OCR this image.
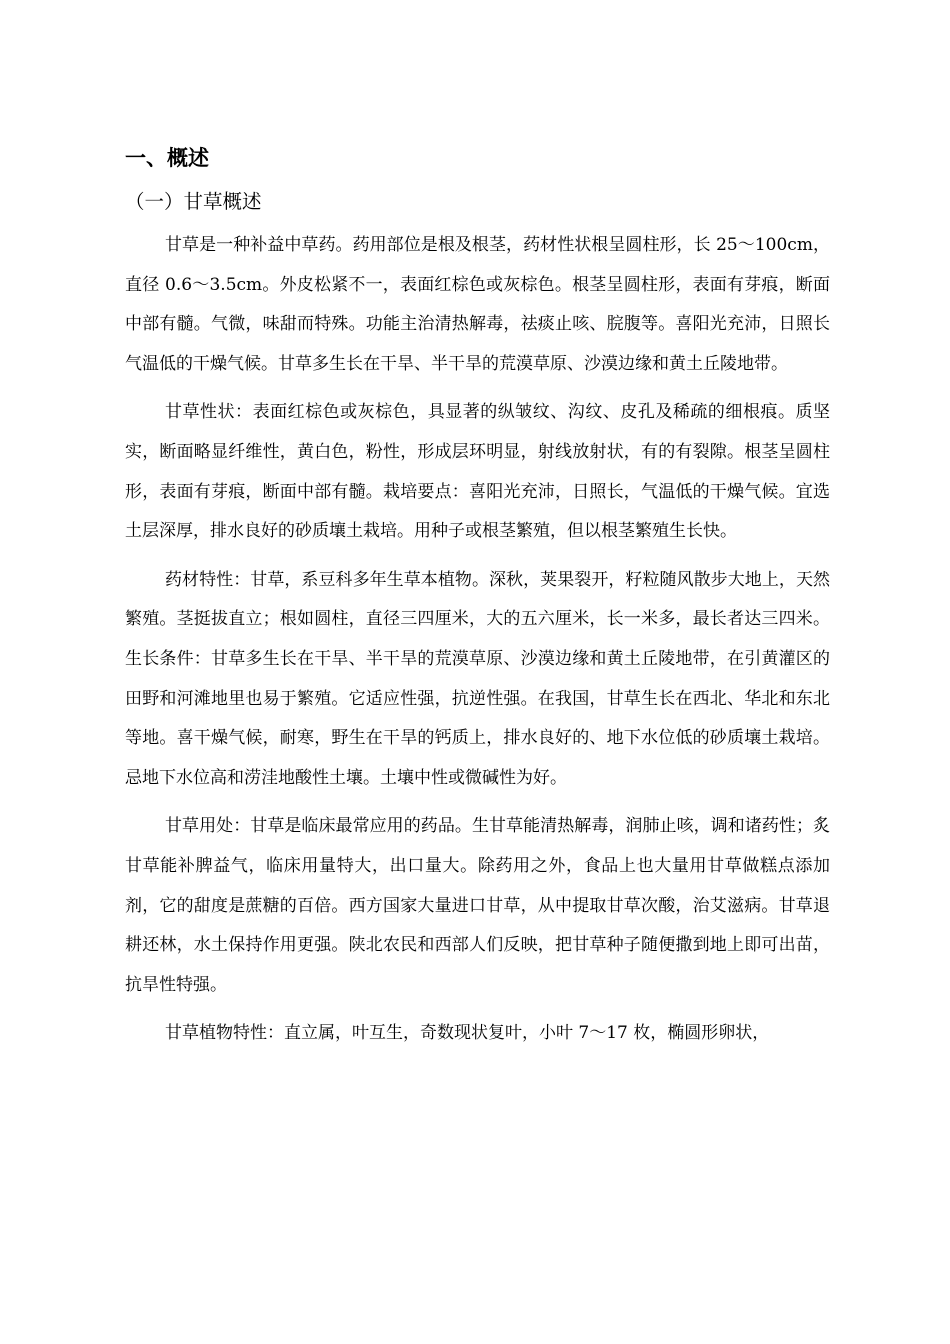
一、概述
（一）甘草概述

甘草是一种补益中草药。药用部位是根及根茎，药材性状根呈圆柱形，长 25～100cm，直径 0.6～3.5cm。外皮松紧不一，表面红棕色或灰棕色。根茎呈圆柱形，表面有芽痕，断面中部有髓。气微，味甜而特殊。功能主治清热解毒，祛痰止咳、脘腹等。喜阳光充沛，日照长气温低的干燥气候。甘草多生长在干旱、半干旱的荒漠草原、沙漠边缘和黄土丘陵地带。

甘草性状：表面红棕色或灰棕色，具显著的纵皱纹、沟纹、皮孔及稀疏的细根痕。质坚实，断面略显纤维性，黄白色，粉性，形成层环明显，射线放射状，有的有裂隙。根茎呈圆柱形，表面有芽痕，断面中部有髓。栽培要点：喜阳光充沛，日照长，气温低的干燥气候。宜选土层深厚，排水良好的砂质壤土栽培。用种子或根茎繁殖，但以根茎繁殖生长快。

药材特性：甘草，系豆科多年生草本植物。深秋，荚果裂开，籽粒随风散步大地上，天然繁殖。茎挺拔直立；根如圆柱，直径三四厘米，大的五六厘米，长一米多，最长者达三四米。生长条件：甘草多生长在干旱、半干旱的荒漠草原、沙漠边缘和黄土丘陵地带，在引黄灌区的田野和河滩地里也易于繁殖。它适应性强，抗逆性强。在我国，甘草生长在西北、华北和东北等地。喜干燥气候，耐寒，野生在干旱的钙质上，排水良好的、地下水位低的砂质壤土栽培。忌地下水位高和涝洼地酸性土壤。土壤中性或微碱性为好。

甘草用处：甘草是临床最常应用的药品。生甘草能清热解毒，润肺止咳，调和诸药性；炙甘草能补脾益气，临床用量特大，出口量大。除药用之外，食品上也大量用甘草做糕点添加剂，它的甜度是蔗糖的百倍。西方国家大量进口甘草，从中提取甘草次酸，治艾滋病。甘草退耕还林，水土保持作用更强。陕北农民和西部人们反映，把甘草种子随便撒到地上即可出苗，抗旱性特强。

甘草植物特性：直立属，叶互生，奇数现状复叶，小叶 7～17 枚，椭圆形卵状，
